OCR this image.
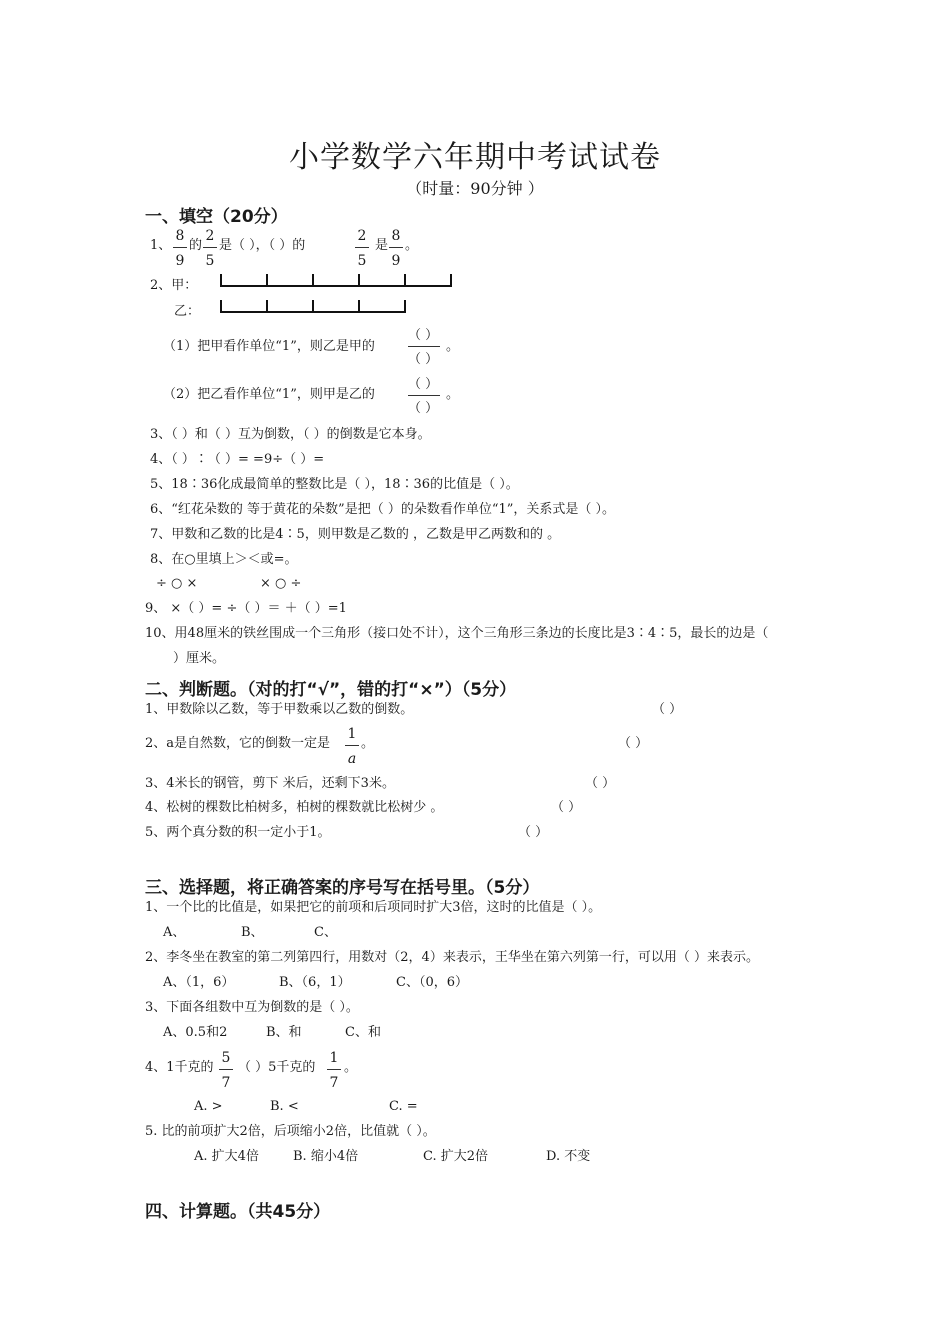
小学数学六年期中考试试卷
（时量：90分钟 ）
一、填空（20分）
1、
8
9
的
2
5
是（ ），（ ）的
2
5
是
8
9
。
2、甲：
乙：
（1）把甲看作单位“1”，则乙是甲的
（ ）
（ ）
。
（2）把乙看作单位“1”，则甲是乙的
（ ）
（ ）
。
3、（ ）和（ ）互为倒数，（ ）的倒数是它本身。
4、（ ）∶（ ）= =9÷（ ）=
5、18∶36化成最简单的整数比是（ ），18∶36的比值是（ ）。
6、“红花朵数的 等于黄花的朵数”是把（ ）的朵数看作单位“1”，关系式是（ ）。
7、甲数和乙数的比是4∶5，则甲数是乙数的 ，乙数是甲乙两数和的 。
8、在○里填上＞＜或=。
÷ ○ ×	× ○ ÷
9、 ×（ ）= ÷（ ）＝ ＋（ ）=1
10、用48厘米的铁丝围成一个三角形（接口处不计），这个三角形三条边的长度比是3∶4∶5，最长的边是（
）厘米。
二、判断题。（对的打“√”，错的打“×”）（5分）
1、甲数除以乙数，等于甲数乘以乙数的倒数。	（ ）
2、a是自然数，它的倒数一定是
1
a
。	（ ）
3、4米长的钢管，剪下 米后，还剩下3米。	（ ）
4、松树的棵数比柏树多，柏树的棵数就比松树少 。	（ ）
5、两个真分数的积一定小于1。	（ ）
三、选择题，将正确答案的序号写在括号里。（5分）
1、一个比的比值是，如果把它的前项和后项同时扩大3倍，这时的比值是（ ）。
A、	B、	C、
2、李冬坐在教室的第二列第四行，用数对（2，4）来表示，王华坐在第六列第一行，可以用（ ）来表示。
A、（1，6）	B、（6，1）	C、（0，6）
3、下面各组数中互为倒数的是（ ）。
A、0.5和2	B、和	C、和
4、1千克的
5
7
（ ）5千克的
1
7
。
A. >	B. <	C. =
5. 比的前项扩大2倍，后项缩小2倍，比值就（ ）。
A. 扩大4倍	B. 缩小4倍	C. 扩大2倍	D. 不变
四、计算题。（共45分）
